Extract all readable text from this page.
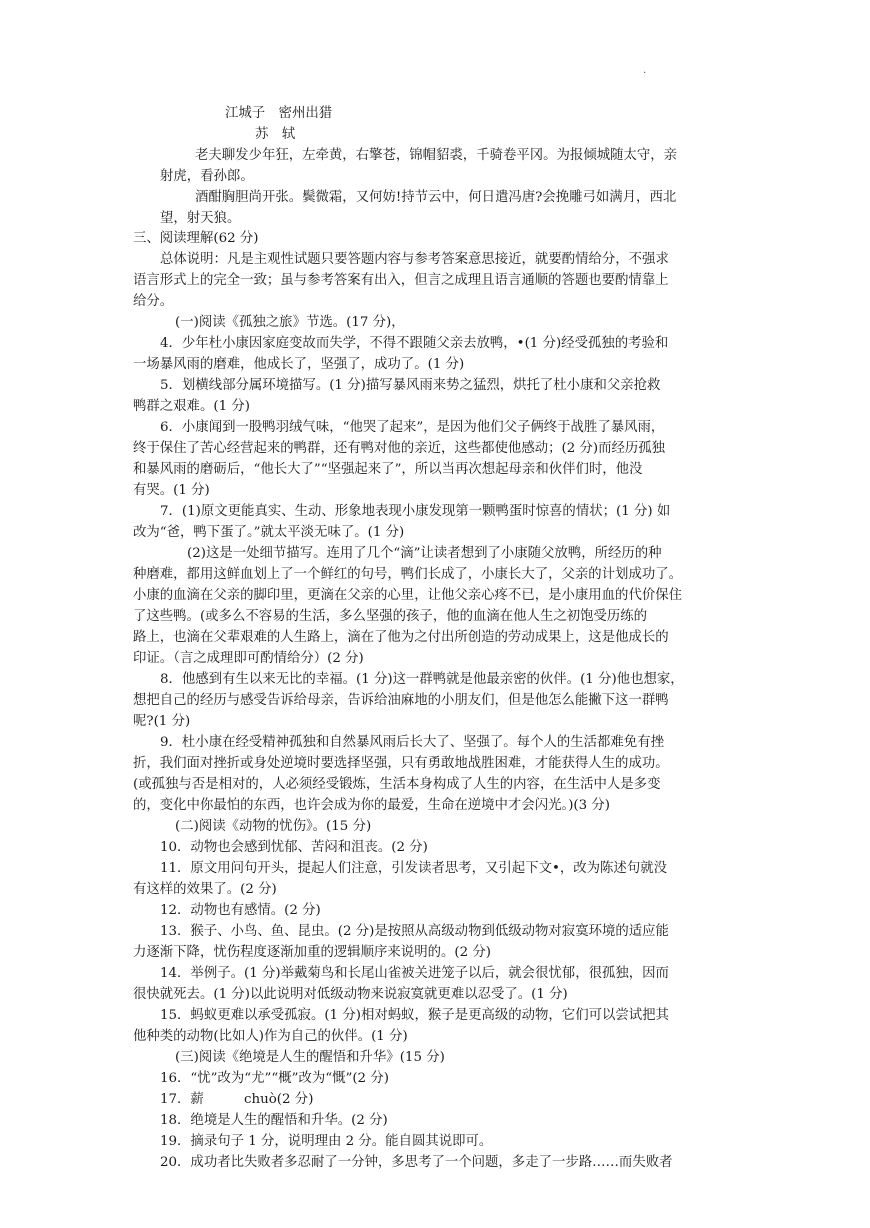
·
江城子　密州出猎
苏　轼
老夫聊发少年狂，左牵黄，右擎苍，锦帽貂裘，千骑卷平冈。为报倾城随太守，亲
射虎，看孙郎。
酒酣胸胆尚开张。鬓微霜，又何妨!持节云中，何日遣冯唐?会挽雕弓如满月，西北
望，射天狼。
三、阅读理解(62 分)
总体说明：凡是主观性试题只要答题内容与参考答案意思接近，就要酌情给分，不强求
语言形式上的完全一致；虽与参考答案有出入，但言之成理且语言通顺的答题也要酌情靠上
给分。
(一)阅读《孤独之旅》节选。(17 分)，
4．少年杜小康因家庭变故而失学，不得不跟随父亲去放鸭，•(1 分)经受孤独的考验和
一场暴风雨的磨难，他成长了，坚强了，成功了。(1 分)
5．划横线部分属环境描写。(1 分)描写暴风雨来势之猛烈，烘托了杜小康和父亲抢救
鸭群之艰难。(1 分)
6．小康闻到一股鸭羽绒气味，“他哭了起来”，是因为他们父子俩终于战胜了暴风雨，
终于保住了苦心经营起来的鸭群，还有鸭对他的亲近，这些都使他感动；(2 分)而经历孤独
和暴风雨的磨砺后，“他长大了”“坚强起来了”，所以当再次想起母亲和伙伴们时，他没
有哭。(1 分)
7．(1)原文更能真实、生动、形象地表现小康发现第一颗鸭蛋时惊喜的情状；(1 分) 如
改为“爸，鸭下蛋了。”就太平淡无味了。(1 分)
(2)这是一处细节描写。连用了几个“滴”让读者想到了小康随父放鸭，所经历的种
种磨难，都用这鲜血划上了一个鲜红的句号，鸭们长成了，小康长大了，父亲的计划成功了。
小康的血滴在父亲的脚印里，更滴在父亲的心里，让他父亲心疼不已，是小康用血的代价保住
了这些鸭。(或多么不容易的生活，多么坚强的孩子，他的血滴在他人生之初饱受历练的
路上，也滴在父辈艰难的人生路上，滴在了他为之付出所创造的劳动成果上，这是他成长的
印证。（言之成理即可酌情给分）(2 分)
8．他感到有生以来无比的幸福。(1 分)这一群鸭就是他最亲密的伙伴。(1 分)他也想家，
想把自己的经历与感受告诉给母亲，告诉给油麻地的小朋友们，但是他怎么能撇下这一群鸭
呢?(1 分)
9．杜小康在经受精神孤独和自然暴风雨后长大了、坚强了。每个人的生活都难免有挫
折，我们面对挫折或身处逆境时要选择坚强，只有勇敢地战胜困难，才能获得人生的成功。
(或孤独与否是相对的，人必须经受锻炼，生活本身构成了人生的内容，在生活中人是多变
的，变化中你最怕的东西，也许会成为你的最爱，生命在逆境中才会闪光。)(3 分)
(二)阅读《动物的忧伤》。(15 分)
10．动物也会感到忧郁、苦闷和沮丧。(2 分)
11．原文用问句开头，提起人们注意，引发读者思考，又引起下文•，改为陈述句就没
有这样的效果了。(2 分)
12．动物也有感情。(2 分)
13．猴子、小鸟、鱼、昆虫。(2 分)是按照从高级动物到低级动物对寂寞环境的适应能
力逐渐下降，忧伤程度逐渐加重的逻辑顺序来说明的。(2 分)
14．举例子。(1 分)举戴菊鸟和长尾山雀被关进笼子以后，就会很忧郁，很孤独，因而
很快就死去。(1 分)以此说明对低级动物来说寂寞就更难以忍受了。(1 分)
15．蚂蚁更难以承受孤寂。(1 分)相对蚂蚁，猴子是更高级的动物，它们可以尝试把其
他种类的动物(比如人)作为自己的伙伴。(1 分)
(三)阅读《绝境是人生的醒悟和升华》(15 分)
16．“忧”改为“尤”“概”改为“慨”(2 分)
17．薪　　　chuò(2 分)
18．绝境是人生的醒悟和升华。(2 分)
19．摘录句子 1 分，说明理由 2 分。能自圆其说即可。
20．成功者比失败者多忍耐了一分钟，多思考了一个问题，多走了一步路……而失败者
